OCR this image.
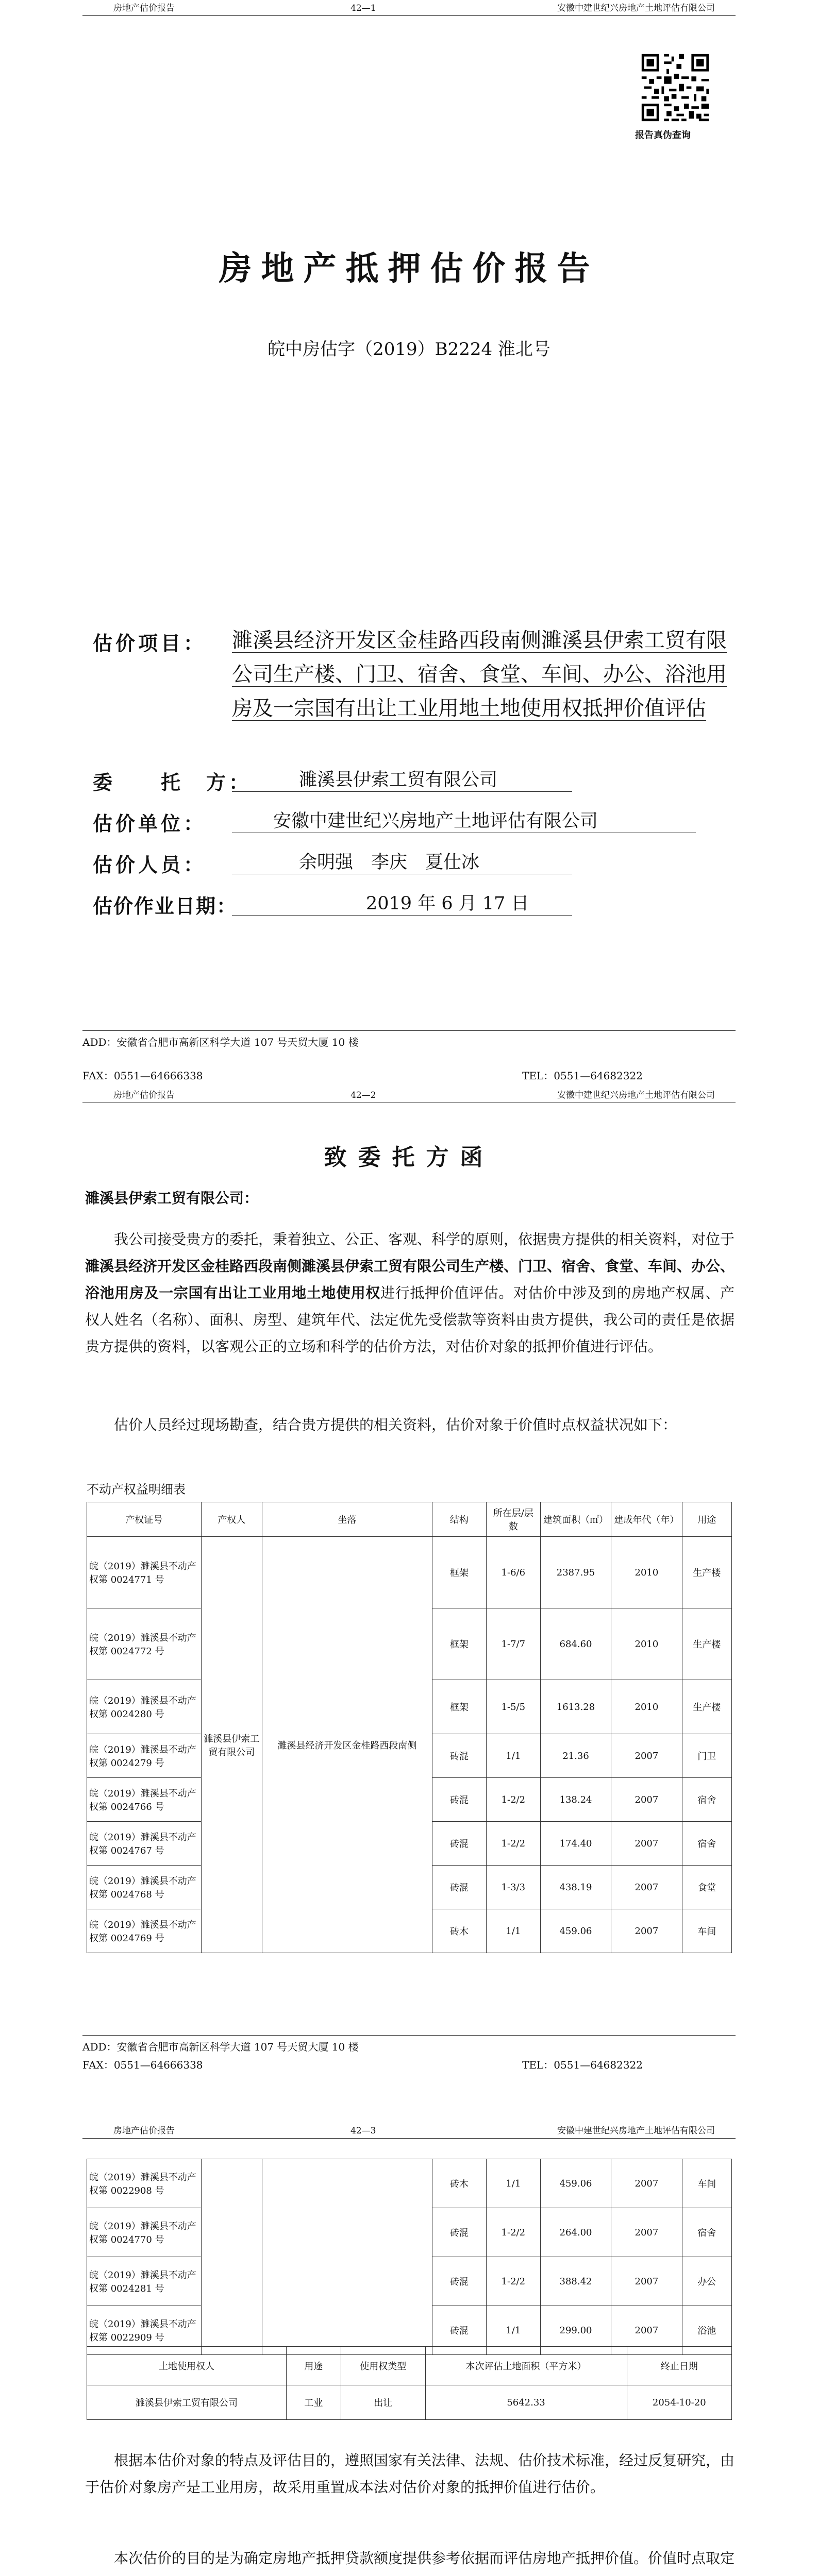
房地产估价报告	42—1	安徽中建世纪兴房地产土地评估有限公司
报告真伪查询
房地产抵押估价报告
皖中房估字（2019）B2224 淮北号
估价项目： 濉溪县经济开发区金桂路西段南侧濉溪县伊索工贸有限公司生产楼、门卫、宿舍、食堂、车间、办公、浴池用房及一宗国有出让工业用地土地使用权抵押价值评估
委　　托　方：	濉溪县伊索工贸有限公司
估价单位：	安徽中建世纪兴房地产土地评估有限公司
估价人员：	余明强　李庆　夏仕冰
估价作业日期：	2019 年 6 月 17 日
ADD：安徽省合肥市高新区科学大道 107 号天贸大厦 10 楼
FAX：0551—64666338	TEL：0551—64682322
房地产估价报告	42—2	安徽中建世纪兴房地产土地评估有限公司
致委托方函
濉溪县伊索工贸有限公司：
我公司接受贵方的委托，秉着独立、公正、客观、科学的原则，依据贵方提供的相关资料，对位于濉溪县经济开发区金桂路西段南侧濉溪县伊索工贸有限公司生产楼、门卫、宿舍、食堂、车间、办公、浴池用房及一宗国有出让工业用地土地使用权进行抵押价值评估。对估价中涉及到的房地产权属、产权人姓名（名称）、面积、房型、建筑年代、法定优先受偿款等资料由贵方提供，我公司的责任是依据贵方提供的资料，以客观公正的立场和科学的估价方法，对估价对象的抵押价值进行评估。
估价人员经过现场勘查，结合贵方提供的相关资料，估价对象于价值时点权益状况如下：
不动产权益明细表
产权证号	产权人	坐落	结构	所在层/层数	建筑面积（㎡）	建成年代（年）	用途
皖（2019）濉溪县不动产权第 0024771 号	濉溪县伊索工贸有限公司	濉溪县经济开发区金桂路西段南侧	框架	1-6/6	2387.95	2010	生产楼
皖（2019）濉溪县不动产权第 0024772 号			框架	1-7/7	684.60	2010	生产楼
皖（2019）濉溪县不动产权第 0024280 号			框架	1-5/5	1613.28	2010	生产楼
皖（2019）濉溪县不动产权第 0024279 号			砖混	1/1	21.36	2007	门卫
皖（2019）濉溪县不动产权第 0024766 号			砖混	1-2/2	138.24	2007	宿舍
皖（2019）濉溪县不动产权第 0024767 号			砖混	1-2/2	174.40	2007	宿舍
皖（2019）濉溪县不动产权第 0024768 号			砖混	1-3/3	438.19	2007	食堂
皖（2019）濉溪县不动产权第 0024769 号			砖木	1/1	459.06	2007	车间
ADD：安徽省合肥市高新区科学大道 107 号天贸大厦 10 楼
FAX：0551—64666338	TEL：0551—64682322
房地产估价报告	42—3	安徽中建世纪兴房地产土地评估有限公司
皖（2019）濉溪县不动产权第 0022908 号			砖木	1/1	459.06	2007	车间
皖（2019）濉溪县不动产权第 0024770 号			砖混	1-2/2	264.00	2007	宿舍
皖（2019）濉溪县不动产权第 0024281 号			砖混	1-2/2	388.42	2007	办公
皖（2019）濉溪县不动产权第 0022909 号			砖混	1/1	299.00	2007	浴池
土地使用权人	用途	使用权类型	本次评估土地面积（平方米）	终止日期
濉溪县伊索工贸有限公司	工业	出让	5642.33	2054-10-20
根据本估价对象的特点及评估目的，遵照国家有关法律、法规、估价技术标准，经过反复研究，由于估价对象房产是工业用房，故采用重置成本法对估价对象的抵押价值进行估价。
本次估价的目的是为确定房地产抵押贷款额度提供参考依据而评估房地产抵押价值。价值时点取定
